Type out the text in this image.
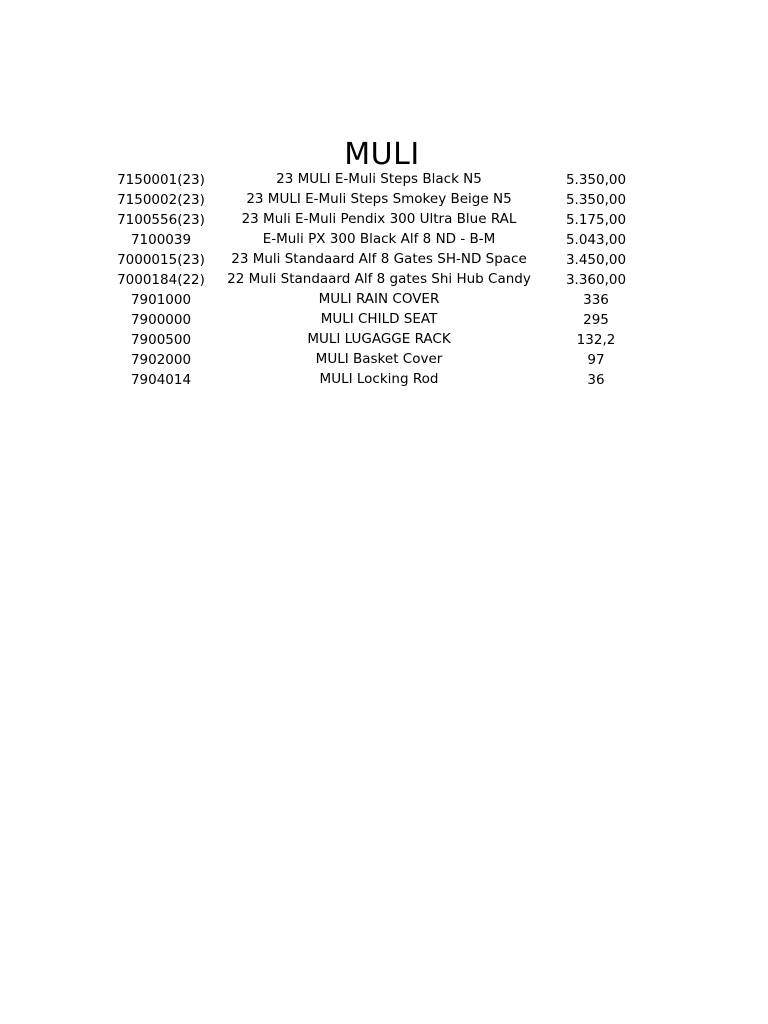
MULI
7150001(23)	23 MULI E-Muli Steps Black N5	5.350,00
7150002(23)	23 MULI E-Muli Steps Smokey Beige N5	5.350,00
7100556(23)	23 Muli E-Muli Pendix 300 Ultra Blue RAL	5.175,00
7100039	E-Muli PX 300 Black Alf 8 ND - B-M	5.043,00
7000015(23)	23 Muli Standaard Alf 8 Gates SH-ND Space	3.450,00
7000184(22)	22 Muli Standaard Alf 8 gates Shi Hub Candy	3.360,00
7901000	MULI RAIN COVER	336
7900000	MULI CHILD SEAT	295
7900500	MULI LUGAGGE RACK	132,2
7902000	MULI Basket Cover	97
7904014	MULI Locking Rod	36
